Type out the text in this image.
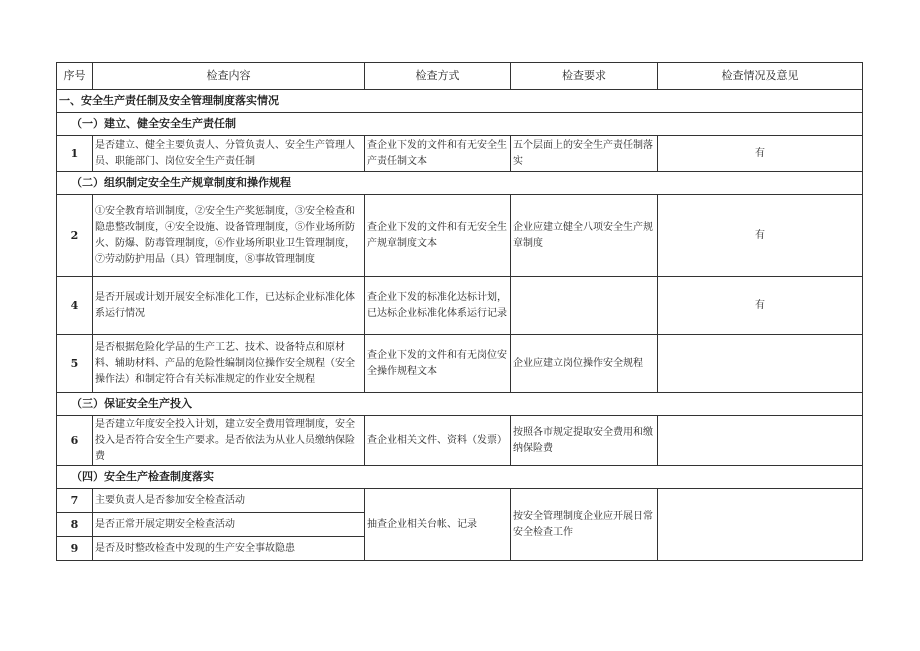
序号	检查内容	检查方式	检查要求	检查情况及意见
一、安全生产责任制及安全管理制度落实情况				
（一）建立、健全安全生产责任制				
1	是否建立、健全主要负责人、分管负责人、安全生产管理人员、职能部门、岗位安全生产责任制	查企业下发的文件和有无安全生产责任制文本	五个层面上的安全生产责任制落实	有
（二）组织制定安全生产规章制度和操作规程				
2	①安全教育培训制度，②安全生产奖惩制度，③安全检查和隐患整改制度，④安全设施、设备管理制度，⑤作业场所防火、防爆、防毒管理制度，⑥作业场所职业卫生管理制度，⑦劳动防护用品（具）管理制度，⑧事故管理制度	查企业下发的文件和有无安全生产规章制度文本	企业应建立健全八项安全生产规章制度	有
4	是否开展或计划开展安全标准化工作，已达标企业标准化体系运行情况	查企业下发的标准化达标计划，已达标企业标准化体系运行记录		有
5	是否根据危险化学品的生产工艺、技术、设备特点和原材料、辅助材料、产品的危险性编制岗位操作安全规程（安全操作法）和制定符合有关标准规定的作业安全规程	查企业下发的文件和有无岗位安全操作规程文本	企业应建立岗位操作安全规程	
（三）保证安全生产投入				
6	是否建立年度安全投入计划，建立安全费用管理制度，安全投入是否符合安全生产要求。是否依法为从业人员缴纳保险费	查企业相关文件、资料（发票）	按照各市规定提取安全费用和缴纳保险费	
（四）安全生产检查制度落实				
7	主要负责人是否参加安全检查活动	抽查企业相关台帐、记录	按安全管理制度企业应开展日常安全检查工作	
8	是否正常开展定期安全检查活动			
9	是否及时整改检查中发现的生产安全事故隐患			
